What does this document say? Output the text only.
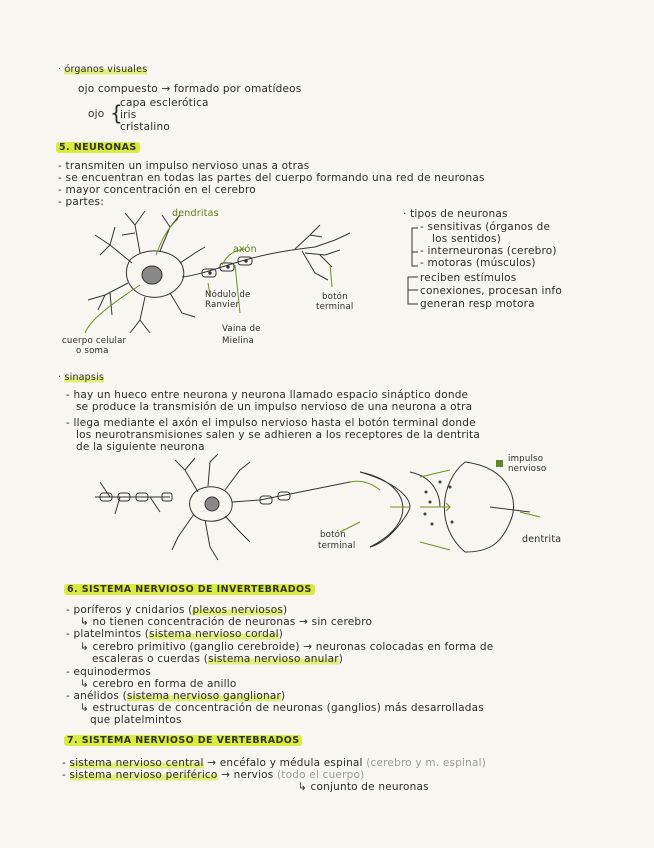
· órganos visuales
ojo compuesto → formado por omatídeos
ojo {
capa esclerótica
iris
cristalino
5. NEURONAS
- transmiten un impulso nervioso unas a otras
- se encuentran en todas las partes del cuerpo formando una red de neuronas
- mayor concentración en el cerebro
- partes:
dendritas
axón
Nódulo de
Ranvier
botón
terminal
Vaina de
Mielina
cuerpo celular
o soma
· tipos de neuronas
- sensitivas (órganos de
los sentidos)
- interneuronas (cerebro)
- motoras (músculos)
reciben estímulos
conexiones, procesan info
generan resp motora
· sinapsis
- hay un hueco entre neurona y neurona llamado espacio sináptico donde
se produce la transmisión de un impulso nervioso de una neurona a otra
- llega mediante el axón el impulso nervioso hasta el botón terminal donde
los neurotransmisiones salen y se adhieren a los receptores de la dentrita
de la siguiente neurona
impulso
nervioso
botón
terminal
dentrita
6. SISTEMA NERVIOSO DE INVERTEBRADOS
- poríferos y cnidarios (plexos nerviosos)
↳ no tienen concentración de neuronas → sin cerebro
- platelmintos (sistema nervioso cordal)
↳ cerebro primitivo (ganglio cerebroide) → neuronas colocadas en forma de
escaleras o cuerdas (sistema nervioso anular)
- equinodermos
↳ cerebro en forma de anillo
- anélidos (sistema nervioso ganglionar)
↳ estructuras de concentración de neuronas (ganglios) más desarrolladas
que platelmintos
7. SISTEMA NERVIOSO DE VERTEBRADOS
- sistema nervioso central → encéfalo y médula espinal (cerebro y m. espinal)
- sistema nervioso periférico → nervios (todo el cuerpo)
↳ conjunto de neuronas
